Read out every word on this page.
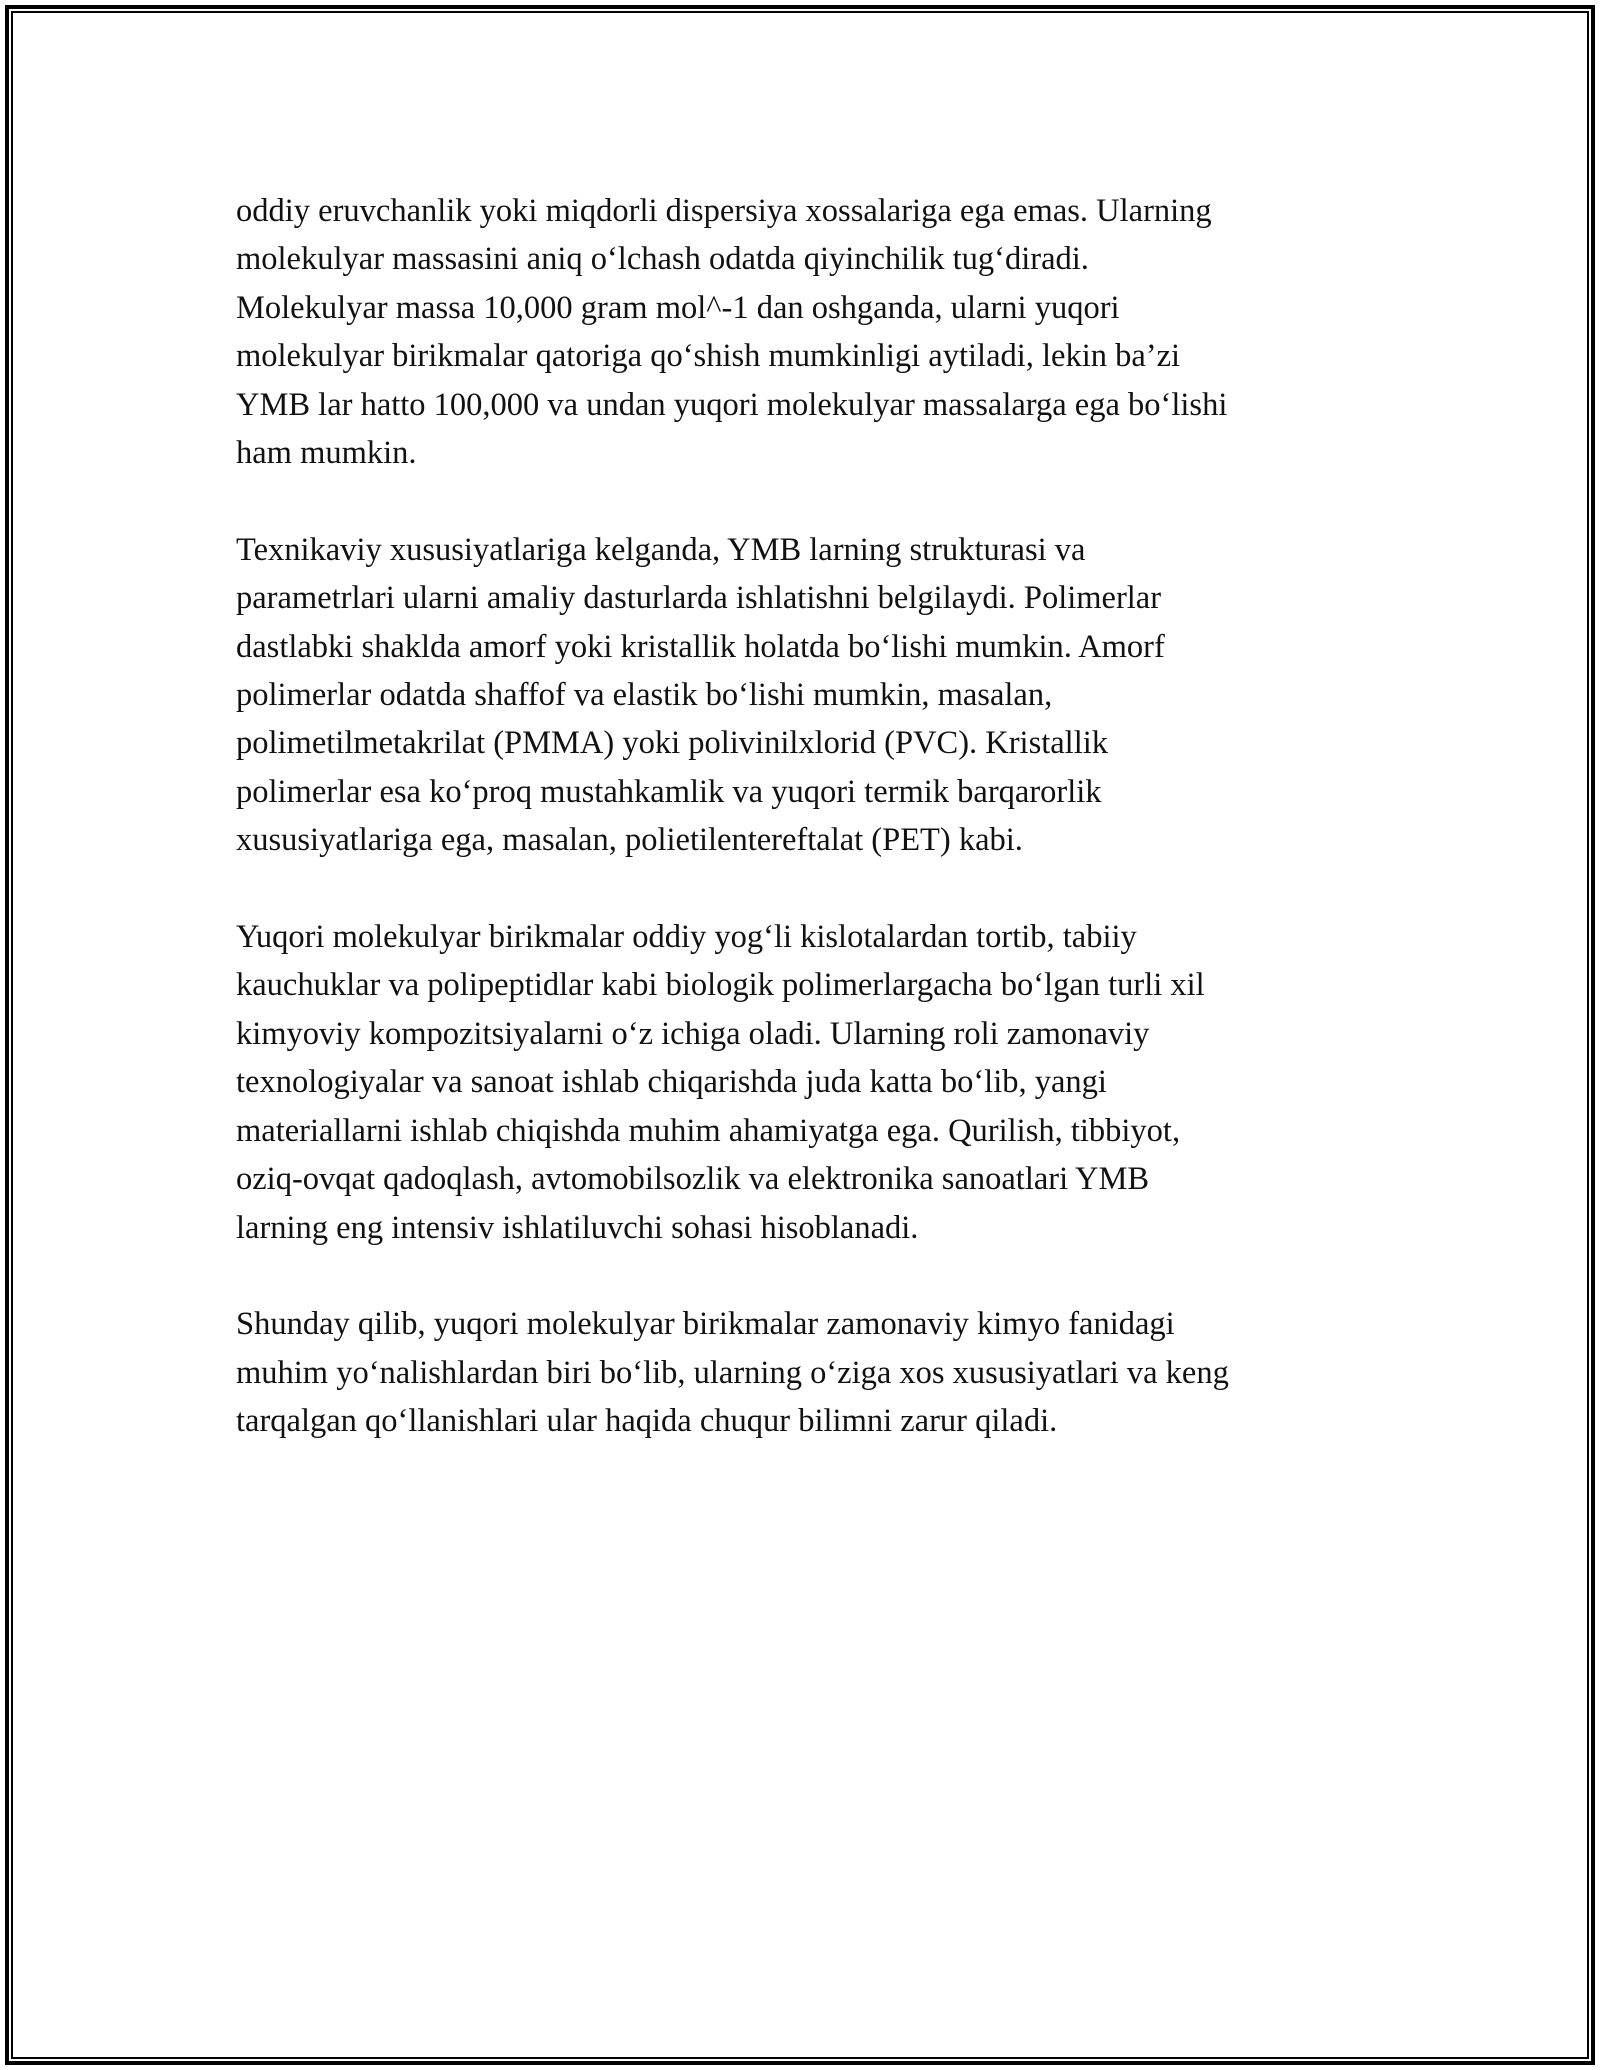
oddiy eruvchanlik yoki miqdorli dispersiya xossalariga ega emas. Ularning
molekulyar massasini aniq o‘lchash odatda qiyinchilik tug‘diradi.
Molekulyar massa 10,000 gram mol^-1 dan oshganda, ularni yuqori
molekulyar birikmalar qatoriga qo‘shish mumkinligi aytiladi, lekin ba’zi
YMB lar hatto 100,000 va undan yuqori molekulyar massalarga ega bo‘lishi
ham mumkin.

Texnikaviy xususiyatlariga kelganda, YMB larning strukturasi va
parametrlari ularni amaliy dasturlarda ishlatishni belgilaydi. Polimerlar
dastlabki shaklda amorf yoki kristallik holatda bo‘lishi mumkin. Amorf
polimerlar odatda shaffof va elastik bo‘lishi mumkin, masalan,
polimetilmetakrilat (PMMA) yoki polivinilxlorid (PVC). Kristallik
polimerlar esa ko‘proq mustahkamlik va yuqori termik barqarorlik
xususiyatlariga ega, masalan, polietilentereftalat (PET) kabi.

Yuqori molekulyar birikmalar oddiy yog‘li kislotalardan tortib, tabiiy
kauchuklar va polipeptidlar kabi biologik polimerlargacha bo‘lgan turli xil
kimyoviy kompozitsiyalarni o‘z ichiga oladi. Ularning roli zamonaviy
texnologiyalar va sanoat ishlab chiqarishda juda katta bo‘lib, yangi
materiallarni ishlab chiqishda muhim ahamiyatga ega. Qurilish, tibbiyot,
oziq-ovqat qadoqlash, avtomobilsozlik va elektronika sanoatlari YMB
larning eng intensiv ishlatiluvchi sohasi hisoblanadi.

Shunday qilib, yuqori molekulyar birikmalar zamonaviy kimyo fanidagi
muhim yo‘nalishlardan biri bo‘lib, ularning o‘ziga xos xususiyatlari va keng
tarqalgan qo‘llanishlari ular haqida chuqur bilimni zarur qiladi.
